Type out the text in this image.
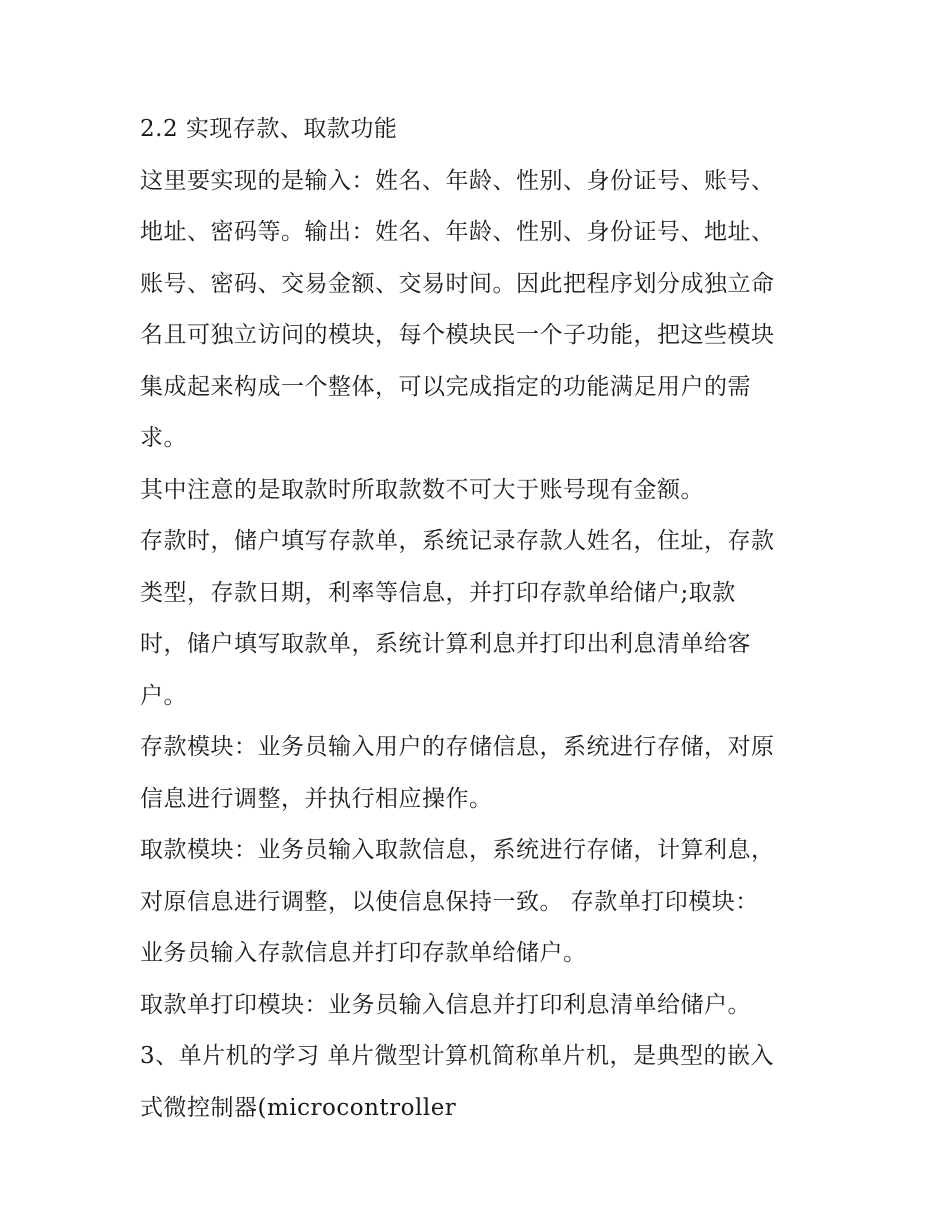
2.2 实现存款、取款功能
这里要实现的是输入：姓名、年龄、性别、身份证号、账号、
地址、密码等。输出：姓名、年龄、性别、身份证号、地址、
账号、密码、交易金额、交易时间。因此把程序划分成独立命
名且可独立访问的模块，每个模块民一个子功能，把这些模块
集成起来构成一个整体，可以完成指定的功能满足用户的需
求。
其中注意的是取款时所取款数不可大于账号现有金额。
存款时，储户填写存款单，系统记录存款人姓名，住址，存款
类型，存款日期，利率等信息，并打印存款单给储户;取款
时，储户填写取款单，系统计算利息并打印出利息清单给客
户。
存款模块：业务员输入用户的存储信息，系统进行存储，对原
信息进行调整，并执行相应操作。
取款模块：业务员输入取款信息，系统进行存储，计算利息，
对原信息进行调整，以使信息保持一致。 存款单打印模块：
业务员输入存款信息并打印存款单给储户。
取款单打印模块：业务员输入信息并打印利息清单给储户。
3、单片机的学习 单片微型计算机简称单片机，是典型的嵌入
式微控制器(microcontroller
